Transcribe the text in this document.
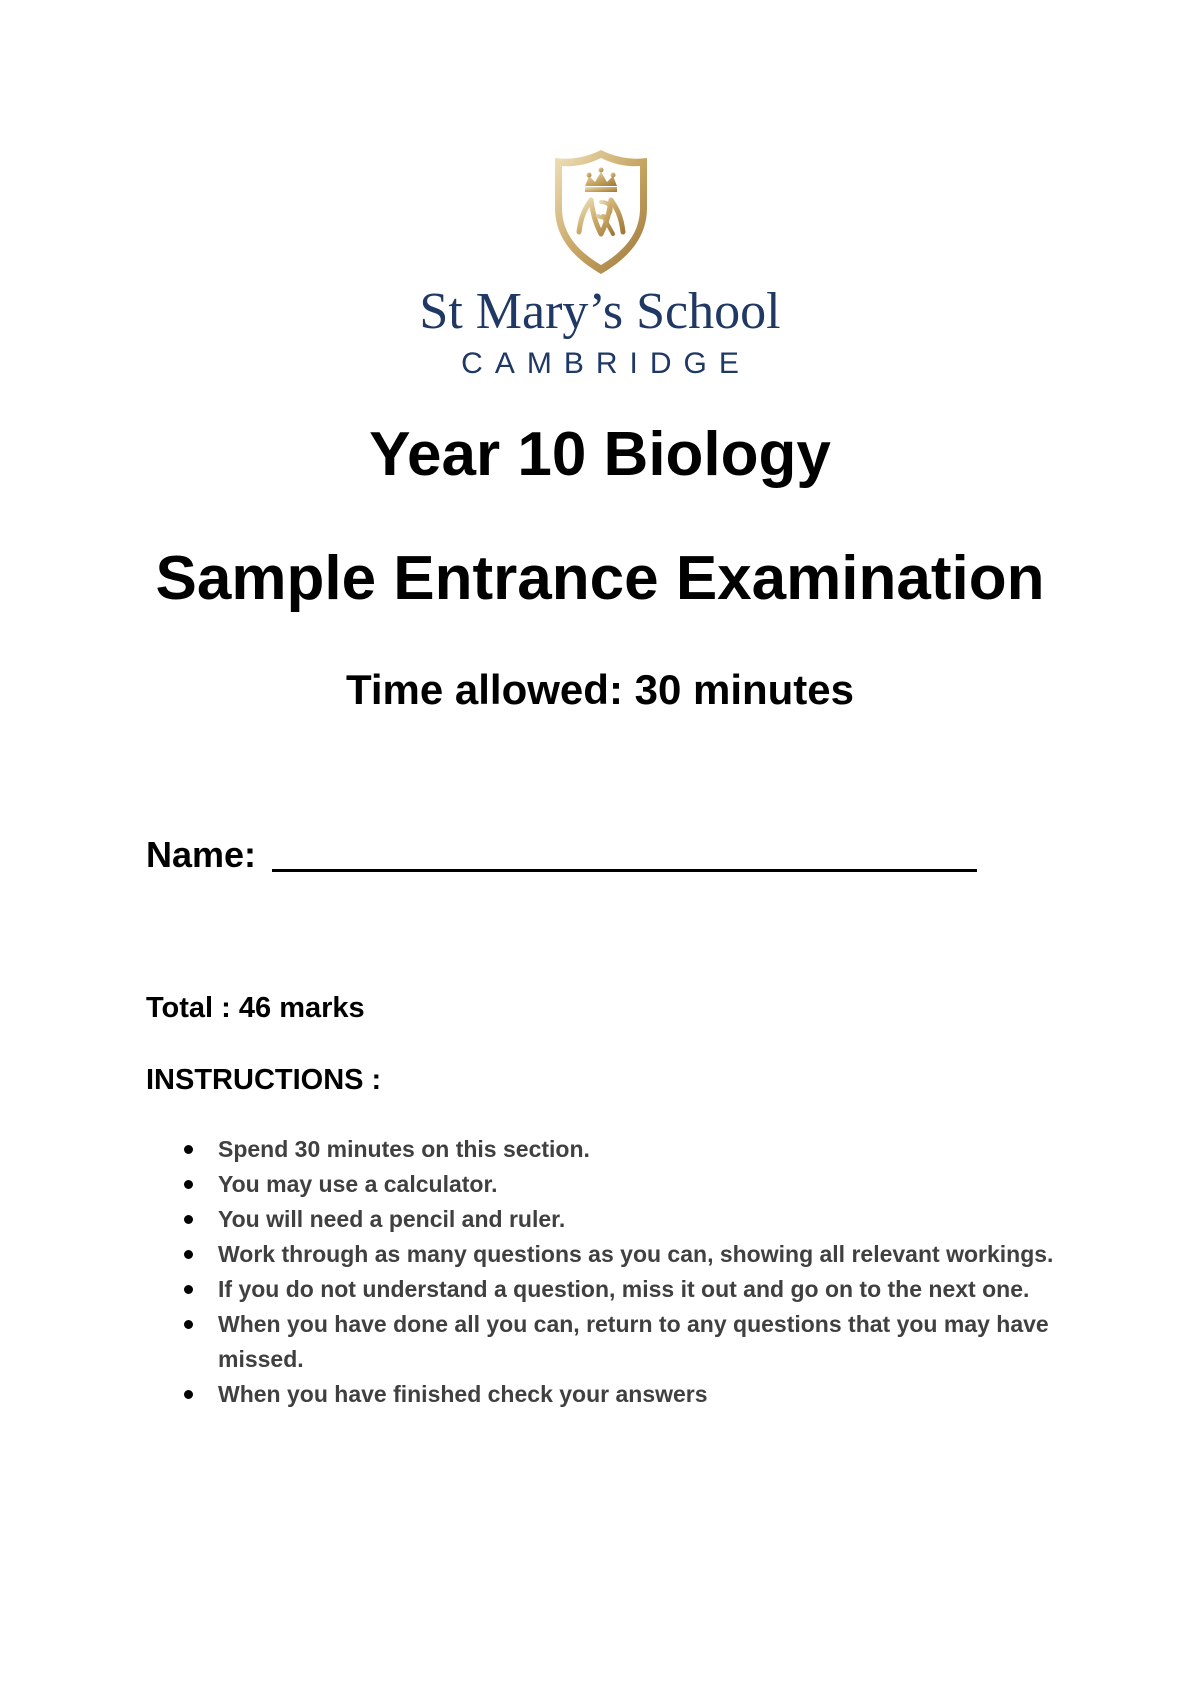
St Mary’s School
CAMBRIDGE
Year 10 Biology
Sample Entrance Examination
Time allowed: 30 minutes
Name:
Total : 46 marks
INSTRUCTIONS :
Spend 30 minutes on this section.
You may use a calculator.
You will need a pencil and ruler.
Work through as many questions as you can, showing all relevant workings.
If you do not understand a question, miss it out and go on to the next one.
When you have done all you can, return to any questions that you may have missed.
When you have finished check your answers
